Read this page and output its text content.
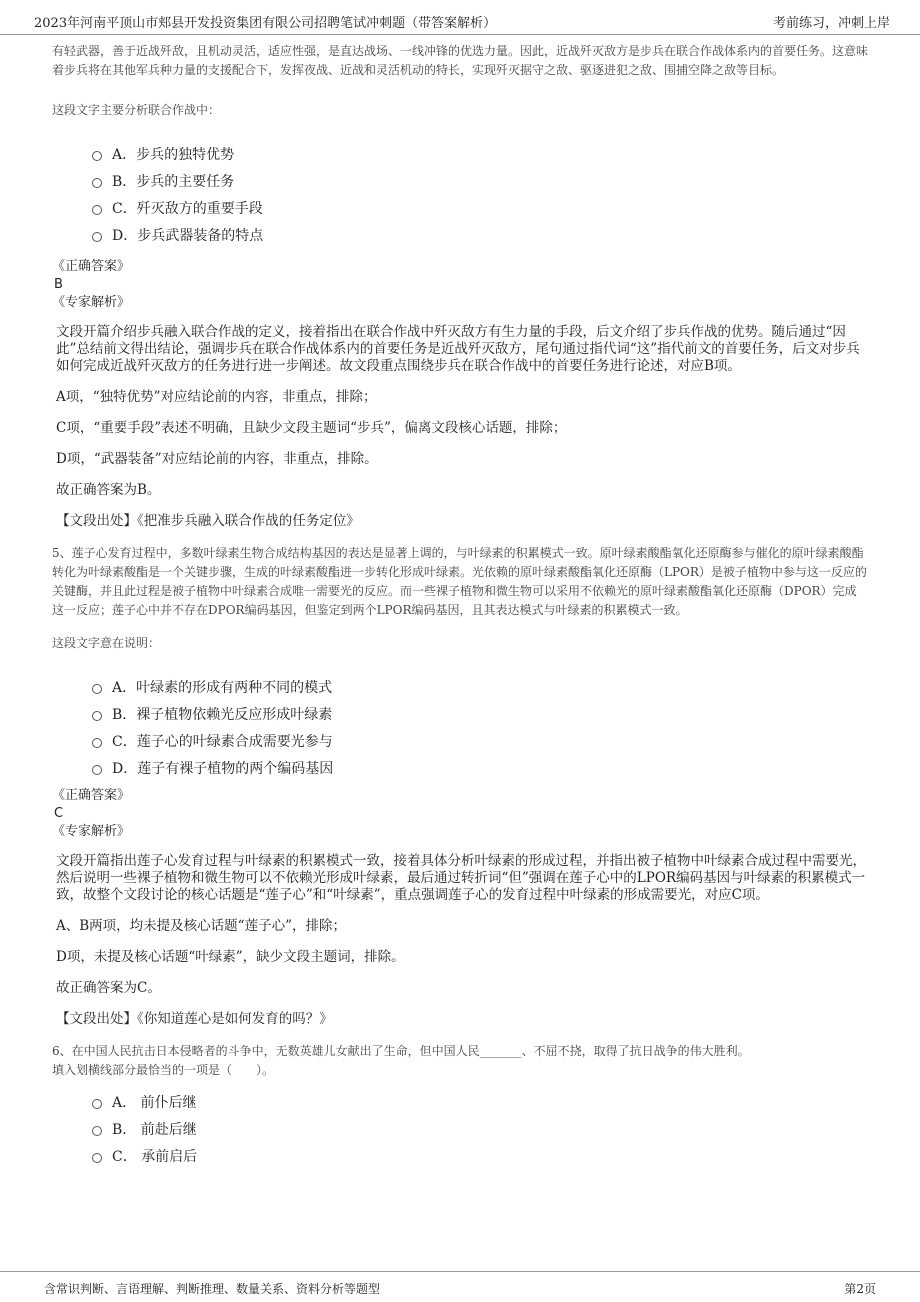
2023年河南平顶山市郏县开发投资集团有限公司招聘笔试冲刺题（带答案解析）	考前练习，冲刺上岸

有轻武器，善于近战歼敌，且机动灵活，适应性强，是直达战场、一线冲锋的优选力量。因此，近战歼灭敌方是步兵在联合作战体系内的首要任务。这意味着步兵将在其他军兵种力量的支援配合下，发挥夜战、近战和灵活机动的特长，实现歼灭据守之敌、驱逐进犯之敌、围捕空降之敌等目标。

这段文字主要分析联合作战中：

A．步兵的独特优势
B．步兵的主要任务
C．歼灭敌方的重要手段
D．步兵武器装备的特点

《正确答案》

B

《专家解析》

文段开篇介绍步兵融入联合作战的定义，接着指出在联合作战中歼灭敌方有生力量的手段，后文介绍了步兵作战的优势。随后通过“因此”总结前文得出结论，强调步兵在联合作战体系内的首要任务是近战歼灭敌方，尾句通过指代词“这”指代前文的首要任务，后文对步兵如何完成近战歼灭敌方的任务进行进一步阐述。故文段重点围绕步兵在联合作战中的首要任务进行论述，对应B项。

A项，“独特优势”对应结论前的内容，非重点，排除；

C项，“重要手段”表述不明确，且缺少文段主题词“步兵”，偏离文段核心话题，排除；

D项，“武器装备”对应结论前的内容，非重点，排除。

故正确答案为B。

【文段出处】《把准步兵融入联合作战的任务定位》

5、莲子心发育过程中，多数叶绿素生物合成结构基因的表达是显著上调的，与叶绿素的积累模式一致。原叶绿素酸酯氧化还原酶参与催化的原叶绿素酸酯转化为叶绿素酸酯是一个关键步骤，生成的叶绿素酸酯进一步转化形成叶绿素。光依赖的原叶绿素酸酯氧化还原酶（LPOR）是被子植物中参与这一反应的关键酶，并且此过程是被子植物中叶绿素合成唯一需要光的反应。而一些裸子植物和微生物可以采用不依赖光的原叶绿素酸酯氧化还原酶（DPOR）完成这一反应；莲子心中并不存在DPOR编码基因，但鉴定到两个LPOR编码基因，且其表达模式与叶绿素的积累模式一致。

这段文字意在说明：

A．叶绿素的形成有两种不同的模式
B．裸子植物依赖光反应形成叶绿素
C．莲子心的叶绿素合成需要光参与
D．莲子有裸子植物的两个编码基因

《正确答案》

C

《专家解析》

文段开篇指出莲子心发育过程与叶绿素的积累模式一致，接着具体分析叶绿素的形成过程，并指出被子植物中叶绿素合成过程中需要光，然后说明一些裸子植物和微生物可以不依赖光形成叶绿素，最后通过转折词“但”强调在莲子心中的LPOR编码基因与叶绿素的积累模式一致，故整个文段讨论的核心话题是“莲子心”和“叶绿素”，重点强调莲子心的发育过程中叶绿素的形成需要光，对应C项。

A、B两项，均未提及核心话题“莲子心”，排除；

D项，未提及核心话题“叶绿素”，缺少文段主题词，排除。

故正确答案为C。

【文段出处】《你知道莲心是如何发育的吗？》

6、在中国人民抗击日本侵略者的斗争中，无数英雄儿女献出了生命，但中国人民_______、不屈不挠，取得了抗日战争的伟大胜利。

填入划横线部分最恰当的一项是（　　）。

A． 前仆后继
B． 前赴后继
C． 承前启后
含常识判断、言语理解、判断推理、数量关系、资料分析等题型	第2页
